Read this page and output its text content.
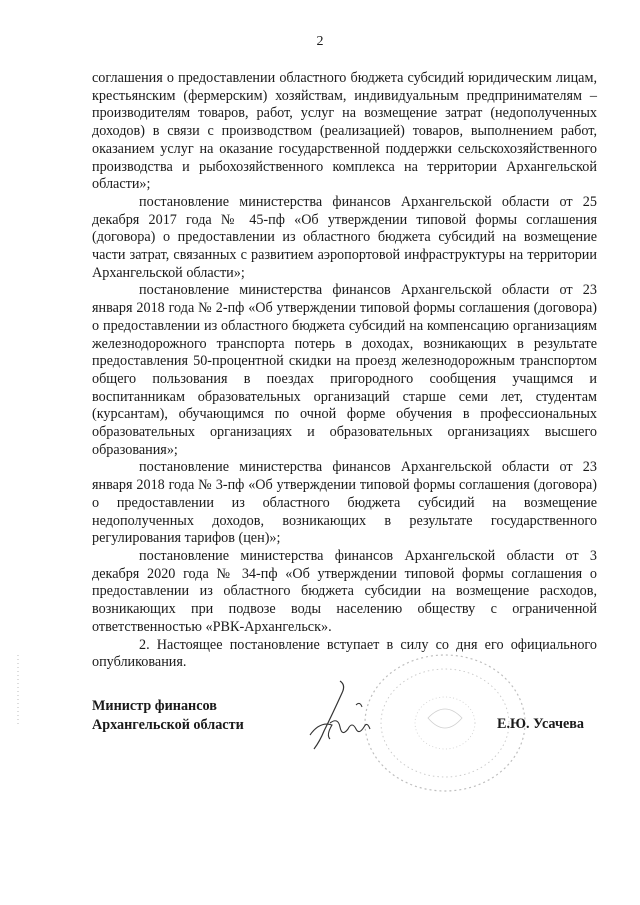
2

соглашения о предоставлении областного бюджета субсидий юридическим лицам, крестьянским (фермерским) хозяйствам, индивидуальным предпринимателям – производителям товаров, работ, услуг на возмещение затрат (недополученных доходов) в связи с производством (реализацией) товаров, выполнением работ, оказанием услуг на оказание государственной поддержки сельскохозяйственного производства и рыбохозяйственного комплекса на территории Архангельской области»;

постановление министерства финансов Архангельской области от 25 декабря 2017 года № 45-пф «Об утверждении типовой формы соглашения (договора) о предоставлении из областного бюджета субсидий на возмещение части затрат, связанных с развитием аэропортовой инфраструктуры на территории Архангельской области»;

постановление министерства финансов Архангельской области от 23 января 2018 года № 2-пф «Об утверждении типовой формы соглашения (договора) о предоставлении из областного бюджета субсидий на компенсацию организациям железнодорожного транспорта потерь в доходах, возникающих в результате предоставления 50-процентной скидки на проезд железнодорожным транспортом общего пользования в поездах пригородного сообщения учащимся и воспитанникам образовательных организаций старше семи лет, студентам (курсантам), обучающимся по очной форме обучения в профессиональных образовательных организациях и образовательных организациях высшего образования»;

постановление министерства финансов Архангельской области от 23 января 2018 года № 3-пф «Об утверждении типовой формы соглашения (договора) о предоставлении из областного бюджета субсидий на возмещение недополученных доходов, возникающих в результате государственного регулирования тарифов (цен)»;

постановление министерства финансов Архангельской области от 3 декабря 2020 года № 34-пф «Об утверждении типовой формы соглашения о предоставлении из областного бюджета субсидии на возмещение расходов, возникающих при подвозе воды населению обществу с ограниченной ответственностью «РВК-Архангельск».

2. Настоящее постановление вступает в силу со дня его официального опубликования.

Министр финансов
Архангельской области	Е.Ю. Усачева
